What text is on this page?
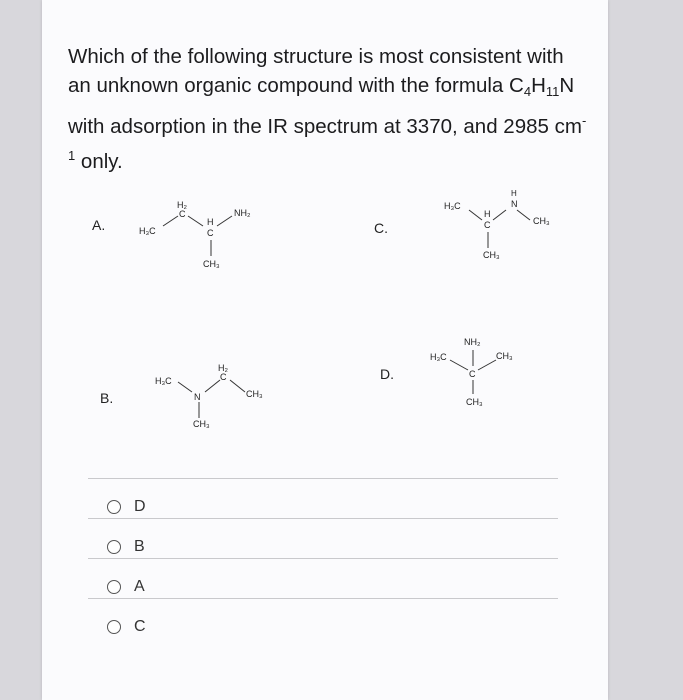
Which of the following structure is most consistent with an unknown organic compound with the formula $C_4H_{11}N$ with adsorption in the IR spectrum at 3370, and 2985 $cm^{-1}$ only.
A.	H₃C
H₂
C
H
C
NH₂
CH₃
B.
H₃C
N
CH₃
H₂
C
CH₃
C.
H₃C
H
C
CH₃
H
N
CH₃
D.
H₃C
NH₂
C
CH₃
CH₃
D
B
A
C
